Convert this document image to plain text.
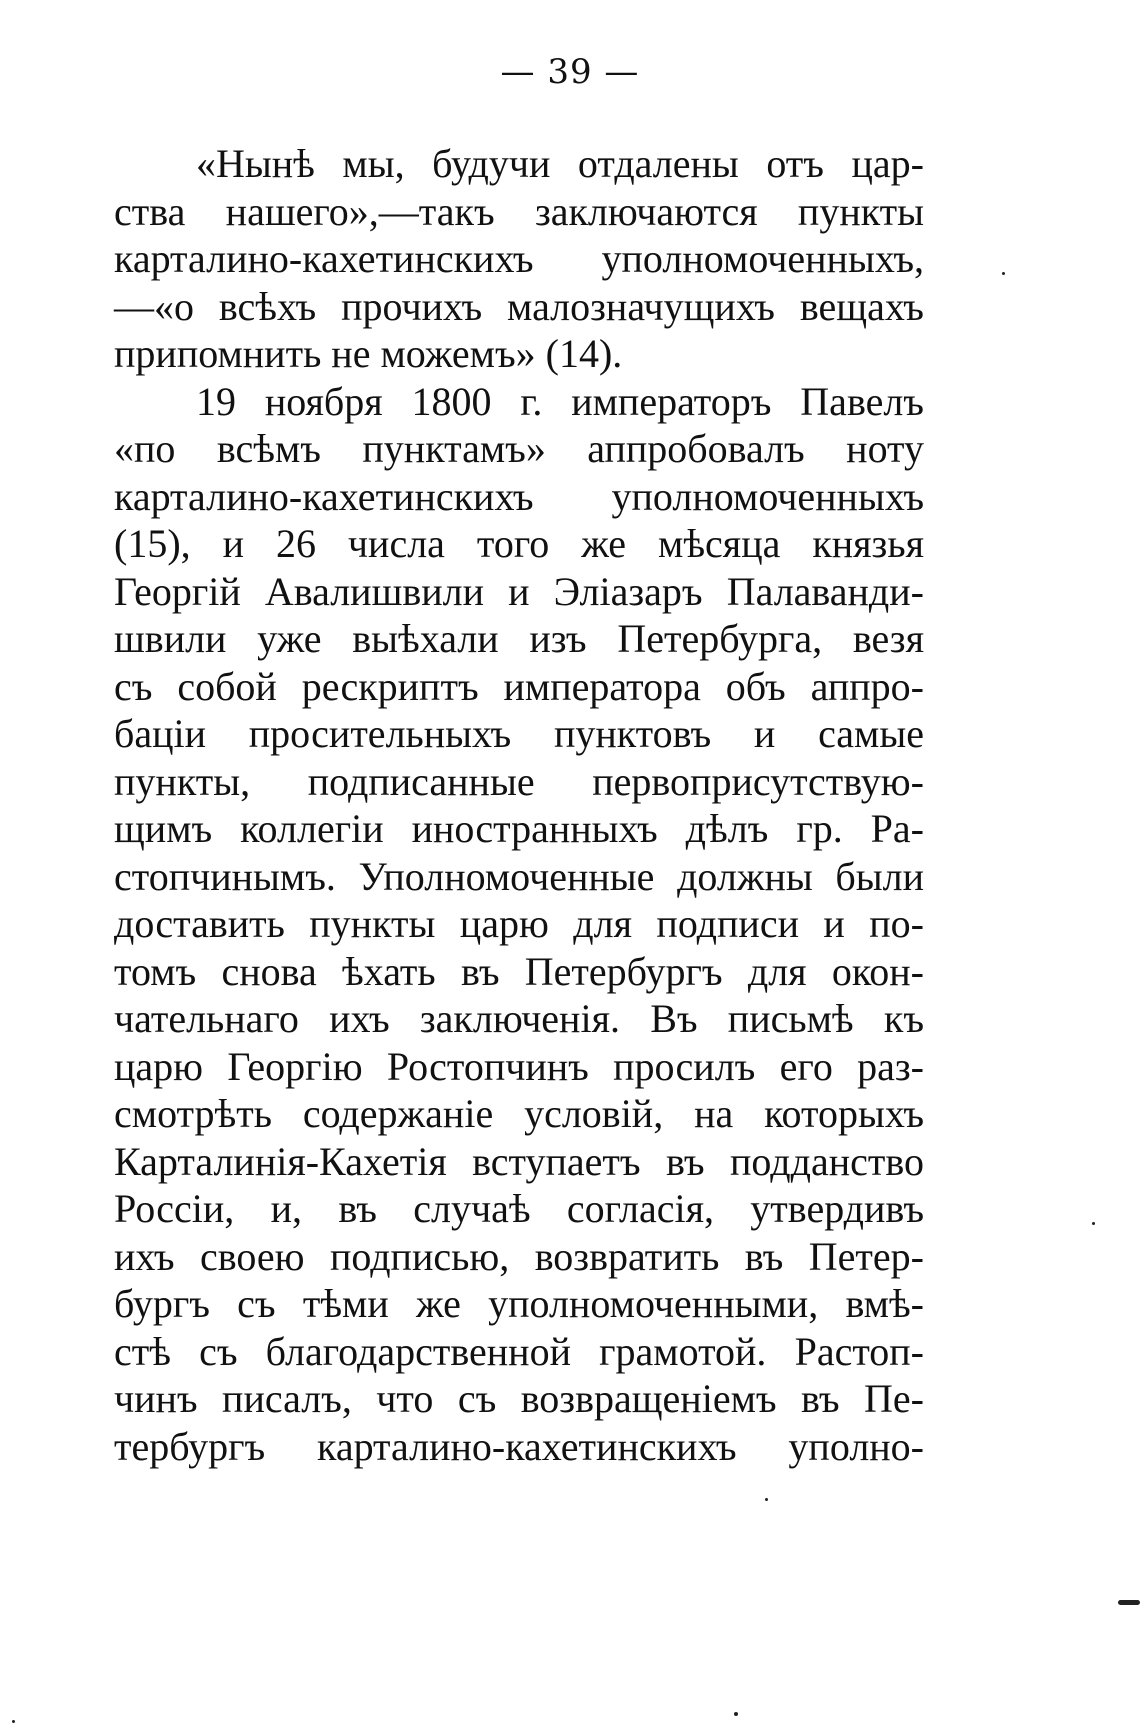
— 39 —
«Нынѣ мы, будучи отдалены отъ цар-
ства нашего»,—такъ заключаются пункты
карталино-кахетинскихъ уполномоченныхъ,
—«о всѣхъ прочихъ малозначущихъ вещахъ
припомнить не можемъ» (14).
19 ноября 1800 г. императоръ Павелъ
«по всѣмъ пунктамъ» аппробовалъ ноту
карталино-кахетинскихъ уполномоченныхъ
(15), и 26 числа того же мѣсяца князья
Георгій Авалишвили и Элiазаръ Палаванди-
швили уже выѣхали изъ Петербурга, везя
съ собой рескриптъ императора объ аппро-
бацiи просительныхъ пунктовъ и самые
пункты, подписанные первоприсутствую-
щимъ коллегiи иностранныхъ дѣлъ гр. Ра-
стопчинымъ. Уполномоченные должны были
доставить пункты царю для подписи и по-
томъ снова ѣхать въ Петербургъ для окон-
чательнаго ихъ заключенiя. Въ письмѣ къ
царю Георгiю Ростопчинъ просилъ его раз-
смотрѣть содержанiе условiй, на которыхъ
Карталинiя-Кахетiя вступаетъ въ подданство
Россiи, и, въ случаѣ согласiя, утвердивъ
ихъ своею подписью, возвратить въ Петер-
бургъ съ тѣми же уполномоченными, вмѣ-
стѣ съ благодарственной грамотой. Растоп-
чинъ писалъ, что съ возвращенiемъ въ Пе-
тербургъ карталино-кахетинскихъ уполно-
